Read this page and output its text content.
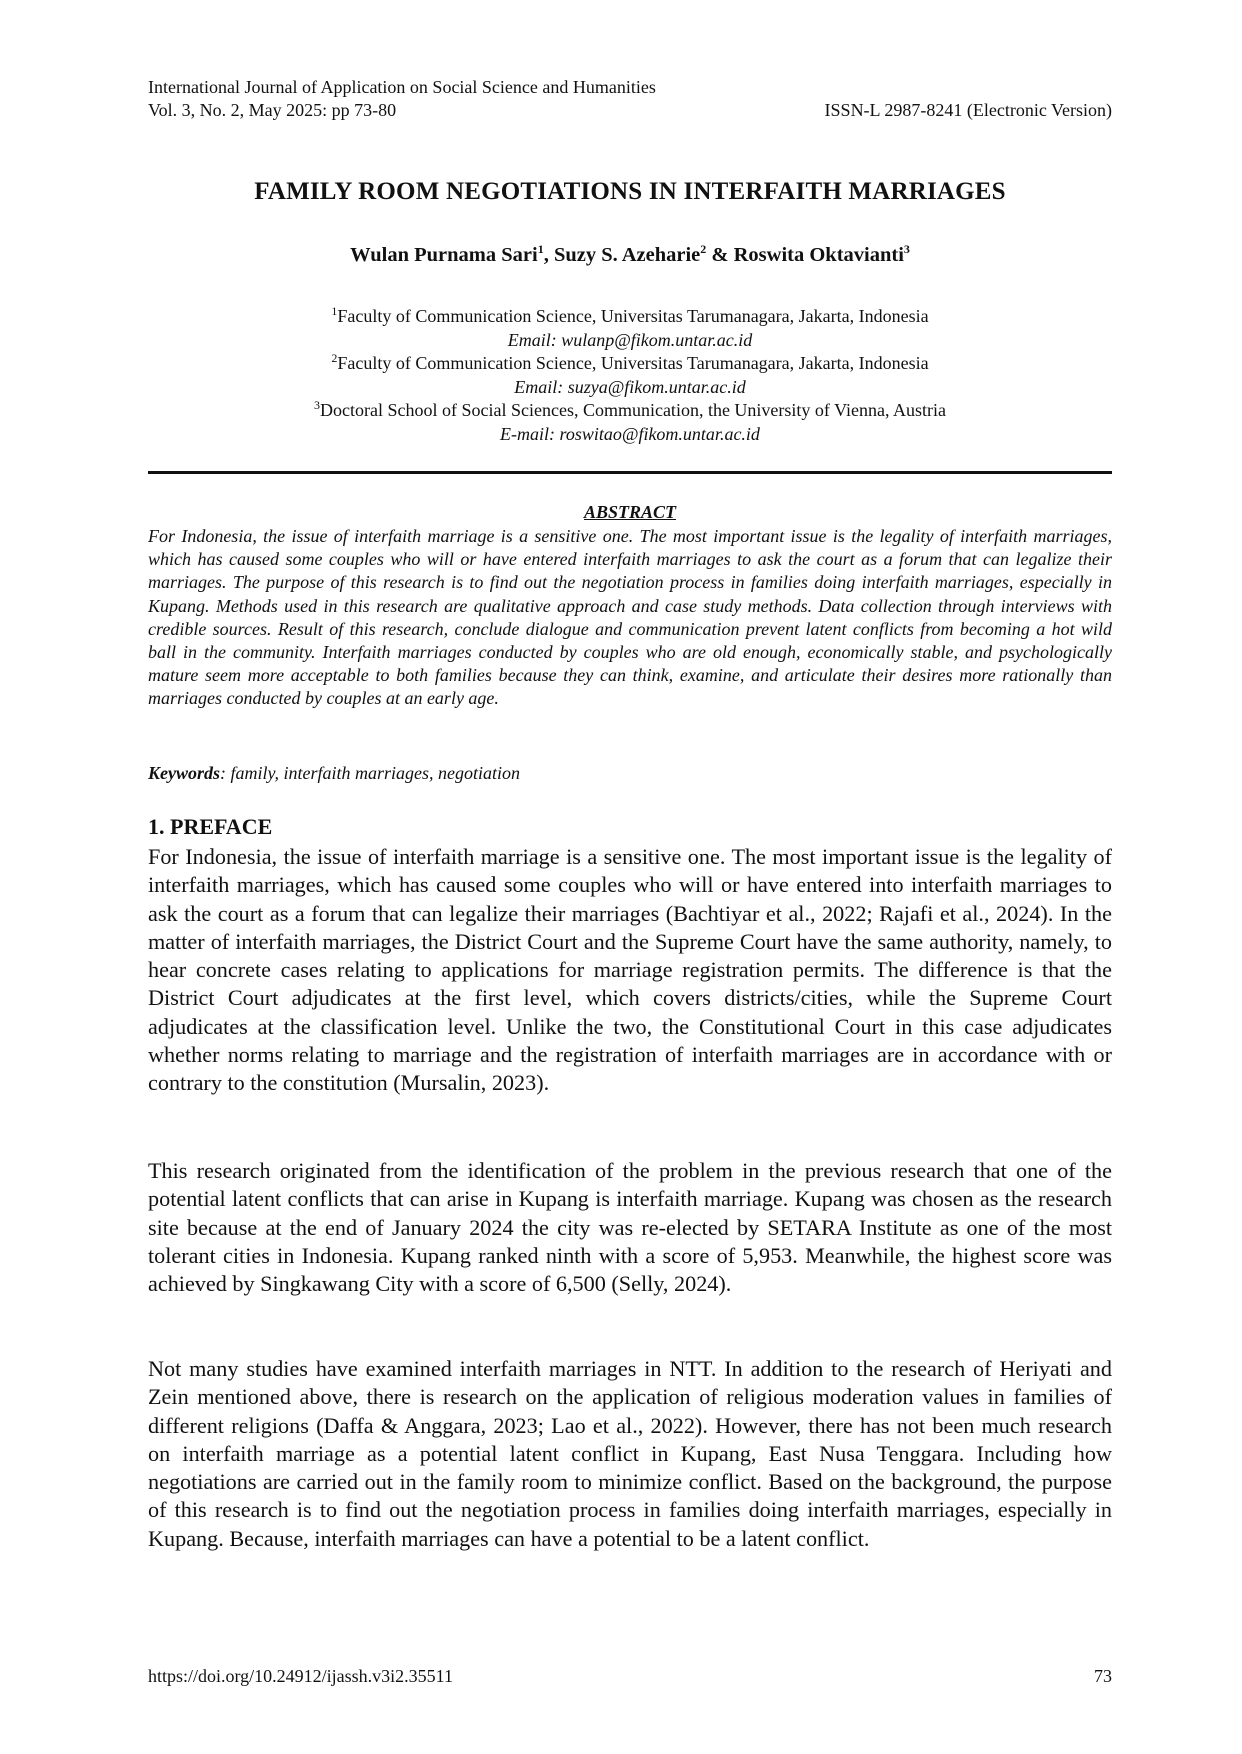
International Journal of Application on Social Science and Humanities
Vol. 3, No. 2, May 2025: pp 73-80	ISSN-L 2987-8241 (Electronic Version)
FAMILY ROOM NEGOTIATIONS IN INTERFAITH MARRIAGES
Wulan Purnama Sari$^1$, Suzy S. Azeharie$^2$ & Roswita Oktavianti$^3$
$^1$Faculty of Communication Science, Universitas Tarumanagara, Jakarta, Indonesia
Email: wulanp@fikom.untar.ac.id
$^2$Faculty of Communication Science, Universitas Tarumanagara, Jakarta, Indonesia
Email: suzya@fikom.untar.ac.id
$^3$Doctoral School of Social Sciences, Communication, the University of Vienna, Austria
E-mail: roswitao@fikom.untar.ac.id
ABSTRACT
For Indonesia, the issue of interfaith marriage is a sensitive one. The most important issue is the legality of interfaith marriages, which has caused some couples who will or have entered interfaith marriages to ask the court as a forum that can legalize their marriages. The purpose of this research is to find out the negotiation process in families doing interfaith marriages, especially in Kupang. Methods used in this research are qualitative approach and case study methods. Data collection through interviews with credible sources. Result of this research, conclude dialogue and communication prevent latent conflicts from becoming a hot wild ball in the community. Interfaith marriages conducted by couples who are old enough, economically stable, and psychologically mature seem more acceptable to both families because they can think, examine, and articulate their desires more rationally than marriages conducted by couples at an early age.
Keywords: family, interfaith marriages, negotiation
1. PREFACE

For Indonesia, the issue of interfaith marriage is a sensitive one. The most important issue is the legality of interfaith marriages, which has caused some couples who will or have entered into interfaith marriages to ask the court as a forum that can legalize their marriages (Bachtiyar et al., 2022; Rajafi et al., 2024). In the matter of interfaith marriages, the District Court and the Supreme Court have the same authority, namely, to hear concrete cases relating to applications for marriage registration permits. The difference is that the District Court adjudicates at the first level, which covers districts/cities, while the Supreme Court adjudicates at the classification level. Unlike the two, the Constitutional Court in this case adjudicates whether norms relating to marriage and the registration of interfaith marriages are in accordance with or contrary to the constitution (Mursalin, 2023).

This research originated from the identification of the problem in the previous research that one of the potential latent conflicts that can arise in Kupang is interfaith marriage. Kupang was chosen as the research site because at the end of January 2024 the city was re-elected by SETARA Institute as one of the most tolerant cities in Indonesia. Kupang ranked ninth with a score of 5,953. Meanwhile, the highest score was achieved by Singkawang City with a score of 6,500 (Selly, 2024).

Not many studies have examined interfaith marriages in NTT. In addition to the research of Heriyati and Zein mentioned above, there is research on the application of religious moderation values in families of different religions (Daffa & Anggara, 2023; Lao et al., 2022). However, there has not been much research on interfaith marriage as a potential latent conflict in Kupang, East Nusa Tenggara. Including how negotiations are carried out in the family room to minimize conflict. Based on the background, the purpose of this research is to find out the negotiation process in families doing interfaith marriages, especially in Kupang. Because, interfaith marriages can have a potential to be a latent conflict.

https://doi.org/10.24912/ijassh.v3i2.35511	73
